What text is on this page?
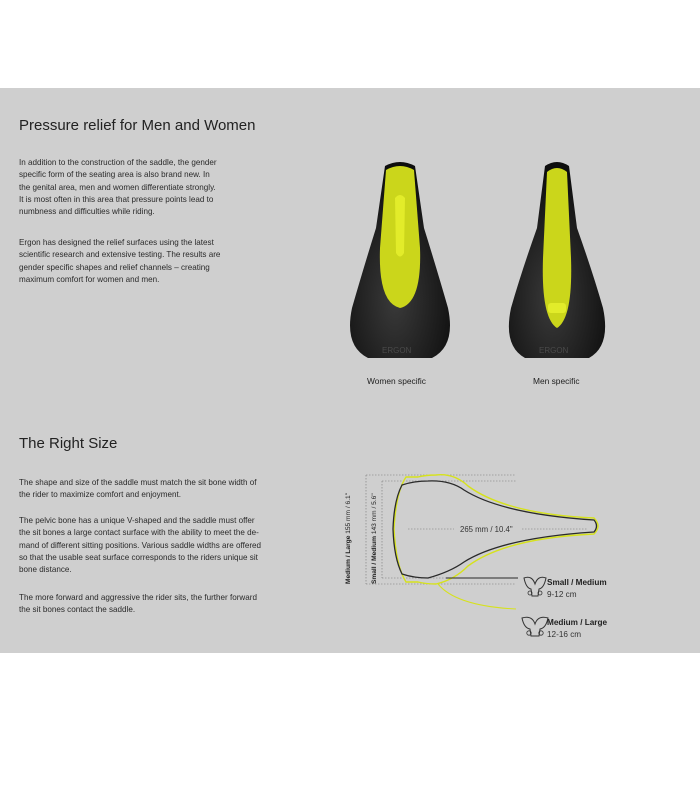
Pressure relief for Men and Women

In addition to the construction of the saddle, the gender
specific form of the seating area is also brand new. In
the genital area, men and women differentiate strongly.
It is most often in this area that pressure points lead to
numbness and difficulties while riding.

Ergon has designed the relief surfaces using the latest
scientific research and extensive testing. The results are
gender specific shapes and relief channels – creating
maximum comfort for women and men.

ERGON
Women specific
ERGON
Men specific
The Right Size

The shape and size of the saddle must match the sit bone width of
the rider to maximize comfort and enjoyment.

The pelvic bone has a unique V-shaped and the saddle must offer
the sit bones a large contact surface with the ability to meet the de-
mand of different sitting positions. Various saddle widths are offered
so that the usable seat surface corresponds to the riders unique sit
bone distance.

The more forward and aggressive the rider sits, the further forward
the sit bones contact the saddle.

265 mm / 10.4"
Medium / Large 155 mm / 6.1"
Small / Medium 143 mm / 5.6"
Small / Medium
9-12 cm
Medium / Large
12-16 cm
